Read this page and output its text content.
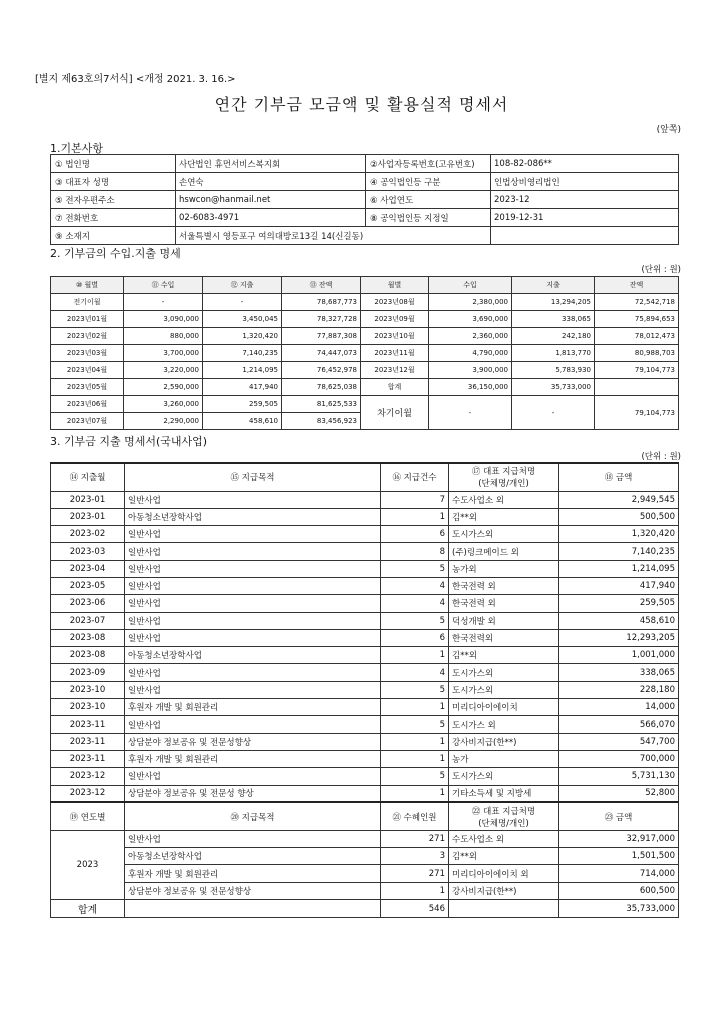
[별지 제63호의7서식] <개정 2021. 3. 16.>
연간 기부금 모금액 및 활용실적 명세서
(앞쪽)
1.기본사항
① 법인명	사단법인 휴먼서비스복지회	②사업자등록번호(고유번호)	108-82-086**
③ 대표자 성명	손연숙	④ 공익법인등 구분	인법상비영리법인
⑤ 전자우편주소	hswcon@hanmail.net	⑥ 사업연도	2023-12
⑦ 전화번호	02-6083-4971	⑧ 공익법인등 지정일	2019-12-31
⑨ 소재지	서울특별시 영등포구 여의대방로13길 14(신길동)		
2. 기부금의 수입.지출 명세
(단위 : 원)
⑩ 월별	⑪ 수입	⑫ 지출	⑬ 잔액	월별	수입	지출	잔액
전기이월	-	-	78,687,773	2023년08월	2,380,000	13,294,205	72,542,718
2023년01월	3,090,000	3,450,045	78,327,728	2023년09월	3,690,000	338,065	75,894,653
2023년02월	880,000	1,320,420	77,887,308	2023년10월	2,360,000	242,180	78,012,473
2023년03월	3,700,000	7,140,235	74,447,073	2023년11월	4,790,000	1,813,770	80,988,703
2023년04월	3,220,000	1,214,095	76,452,978	2023년12월	3,900,000	5,783,930	79,104,773
2023년05월	2,590,000	417,940	78,625,038	합계	36,150,000	35,733,000	
2023년06월	3,260,000	259,505	81,625,533	차기이월	-	-	79,104,773
2023년07월	2,290,000	458,610	83,456,923				
3. 기부금 지출 명세서(국내사업)
(단위 : 원)
⑭ 지출월	⑮ 지급목적	⑯ 지급건수	⑰ 대표 지급처명
(단체명/개인)	⑱ 금액
2023-01	일반사업	7	수도사업소 외	2,949,545
2023-01	아동청소년장학사업	1	김**외	500,500
2023-02	일반사업	6	도시가스외	1,320,420
2023-03	일반사업	8	(주)링크메이드 외	7,140,235
2023-04	일반사업	5	농가외	1,214,095
2023-05	일반사업	4	한국전력 외	417,940
2023-06	일반사업	4	한국전력 외	259,505
2023-07	일반사업	5	덕성개발 외	458,610
2023-08	일반사업	6	한국전력외	12,293,205
2023-08	아동청소년장학사업	1	김**외	1,001,000
2023-09	일반사업	4	도시가스외	338,065
2023-10	일반사업	5	도시가스외	228,180
2023-10	후원자 개발 및 회원관리	1	미리디아이에이치	14,000
2023-11	일반사업	5	도시가스 외	566,070
2023-11	상담분야 정보공유 및 전문성향상	1	강사비지급(한**)	547,700
2023-11	후원자 개발 및 회원관리	1	농가	700,000
2023-12	일반사업	5	도시가스외	5,731,130
2023-12	상담분야 정보공유 및 전문성 향상	1	기타소득세 및 지방세	52,800
⑲ 연도별	⑳ 지급목적	㉑ 수혜인원	㉒ 대표 지급처명
(단체명/개인)	㉓ 금액
2023	일반사업	271	수도사업소 외	32,917,000
	아동청소년장학사업	3	김**외	1,501,500
	후원자 개발 및 회원관리	271	미리디아이에이치 외	714,000
	상담분야 정보공유 및 전문성향상	1	강사비지급(한**)	600,500
합계		546		35,733,000
